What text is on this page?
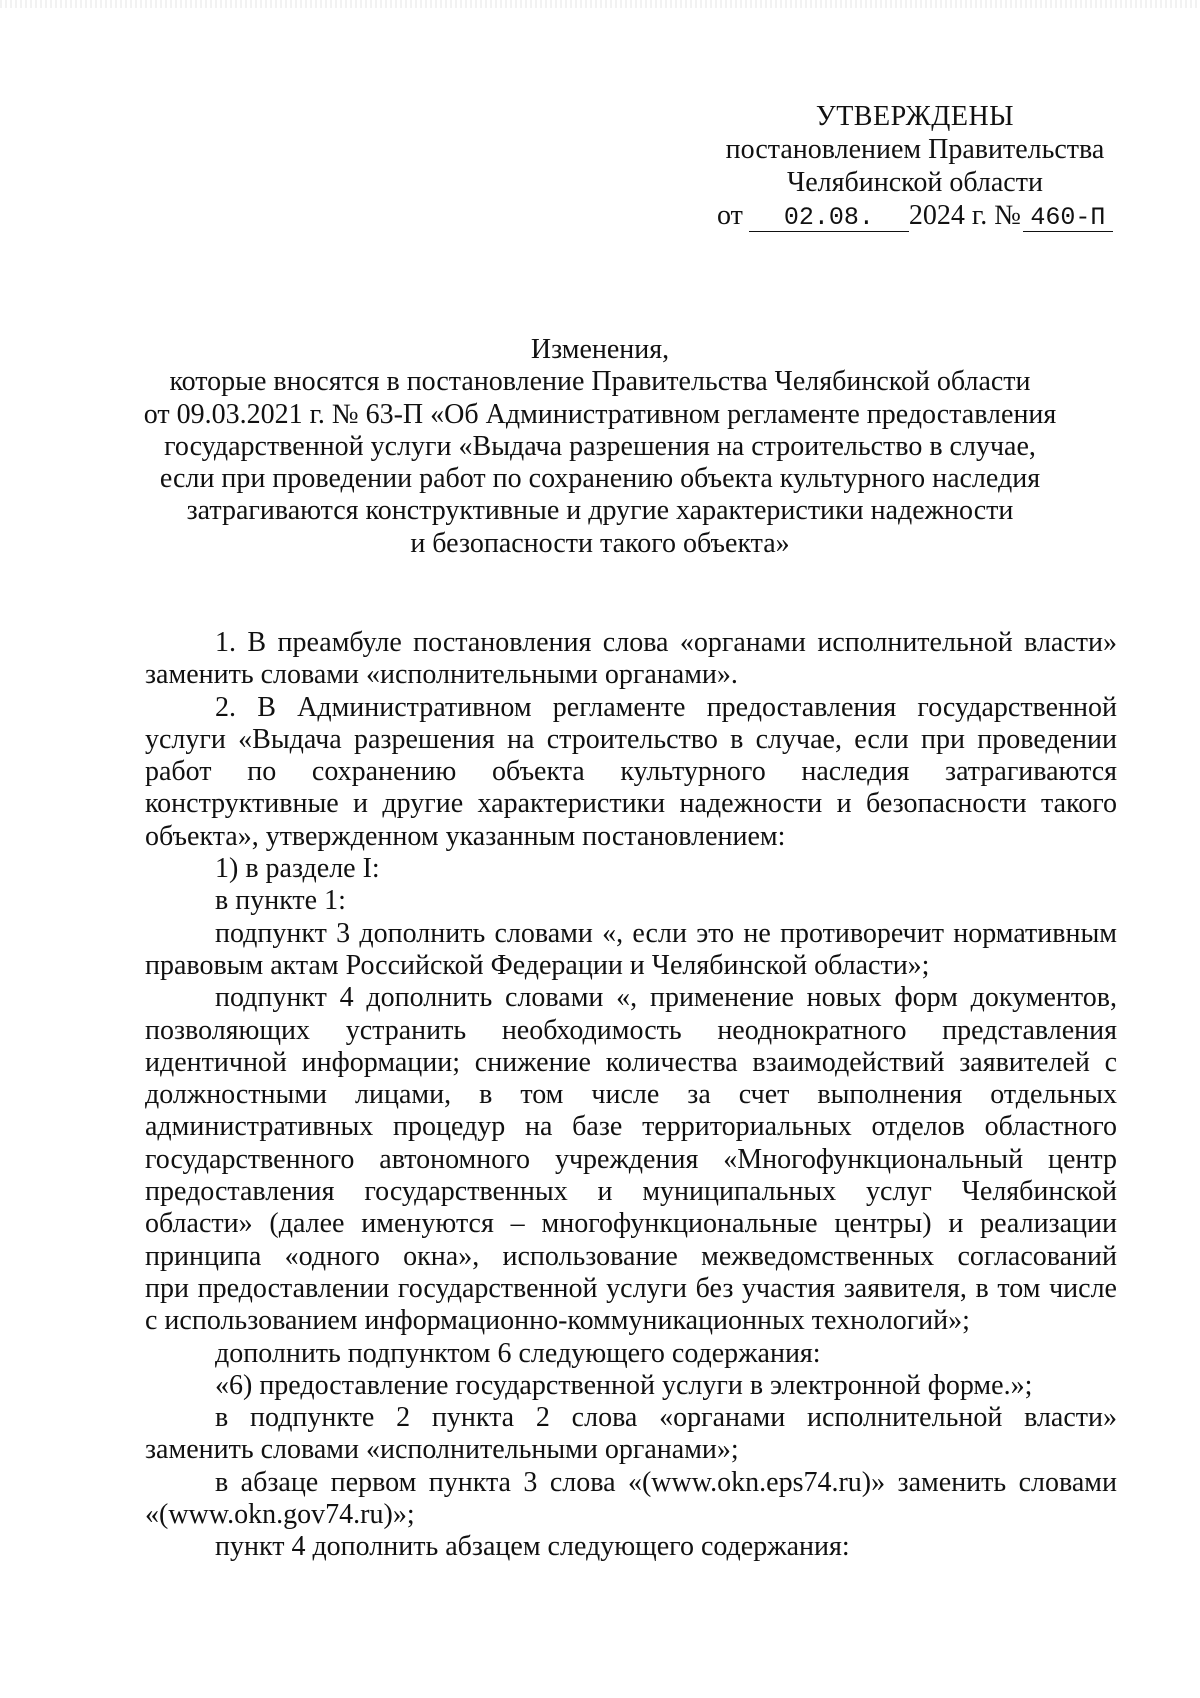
УТВЕРЖДЕНЫ
постановлением Правительства
Челябинской области
от 02.08. 2024 г. № 460-П
Изменения,
которые вносятся в постановление Правительства Челябинской области
от 09.03.2021 г. № 63-П «Об Административном регламенте предоставления
государственной услуги «Выдача разрешения на строительство в случае,
если при проведении работ по сохранению объекта культурного наследия
затрагиваются конструктивные и другие характеристики надежности
и безопасности такого объекта»
1. В преамбуле постановления слова «органами исполнительной власти»
заменить словами «исполнительными органами».
2. В Административном регламенте предоставления государственной
услуги «Выдача разрешения на строительство в случае, если при проведении
работ по сохранению объекта культурного наследия затрагиваются
конструктивные и другие характеристики надежности и безопасности такого
объекта», утвержденном указанным постановлением:
1) в разделе I:
в пункте 1:
подпункт 3 дополнить словами «, если это не противоречит нормативным
правовым актам Российской Федерации и Челябинской области»;
подпункт 4 дополнить словами «, применение новых форм документов,
позволяющих устранить необходимость неоднократного представления
идентичной информации; снижение количества взаимодействий заявителей с
должностными лицами, в том числе за счет выполнения отдельных
административных процедур на базе территориальных отделов областного
государственного автономного учреждения «Многофункциональный центр
предоставления государственных и муниципальных услуг Челябинской
области» (далее именуются – многофункциональные центры) и реализации
принципа «одного окна», использование межведомственных согласований
при предоставлении государственной услуги без участия заявителя, в том числе
с использованием информационно-коммуникационных технологий»;
дополнить подпунктом 6 следующего содержания:
«6) предоставление государственной услуги в электронной форме.»;
в подпункте 2 пункта 2 слова «органами исполнительной власти»
заменить словами «исполнительными органами»;
в абзаце первом пункта 3 слова «(www.okn.eps74.ru)» заменить словами
«(www.okn.gov74.ru)»;
пункт 4 дополнить абзацем следующего содержания:
